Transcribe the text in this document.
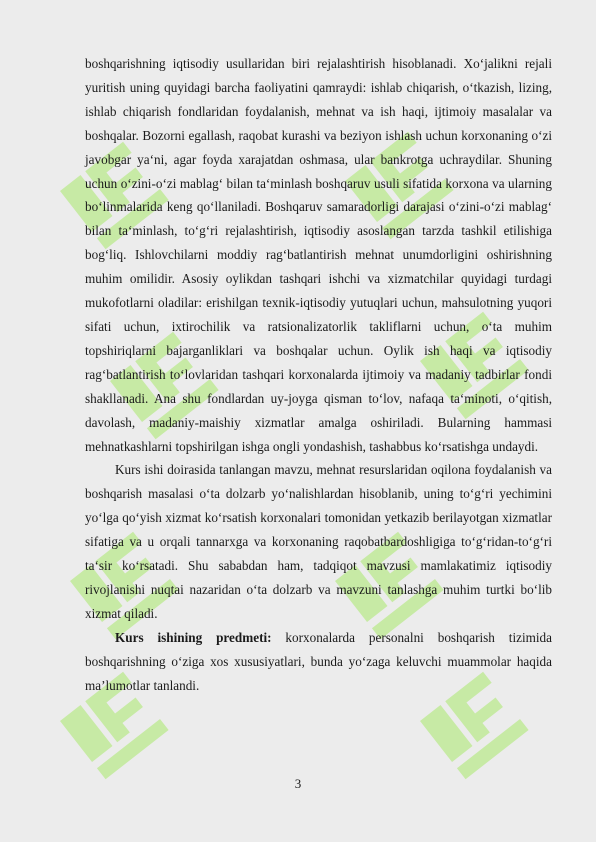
boshqarishning iqtisodiy usullaridan biri rejalashtirish hisoblanadi. Xo‘jalikni rejali yuritish uning quyidagi barcha faoliyatini qamraydi: ishlab chiqarish, o‘tkazish, lizing, ishlab chiqarish fondlaridan foydalanish, mehnat va ish haqi, ijtimoiy masalalar va boshqalar. Bozorni egallash, raqobat kurashi va beziyon ishlash uchun korxonaning o‘zi javobgar ya‘ni, agar foyda xarajatdan oshmasa, ular bankrotga uchraydilar. Shuning uchun o‘zini-o‘zi mablag‘ bilan ta‘minlash boshqaruv usuli sifatida korxona va ularning bo‘linmalarida keng qo‘llaniladi. Boshqaruv samaradorligi darajasi o‘zini-o‘zi mablag‘ bilan ta‘minlash, to‘g‘ri rejalashtirish, iqtisodiy asoslangan tarzda tashkil etilishiga bog‘liq. Ishlovchilarni moddiy rag‘batlantirish mehnat unumdorligini oshirishning muhim omilidir. Asosiy oylikdan tashqari ishchi va xizmatchilar quyidagi turdagi mukofotlarni oladilar: erishilgan texnik-iqtisodiy yutuqlari uchun, mahsulotning yuqori sifati uchun, ixtirochilik va ratsionalizatorlik takliflarni uchun, o‘ta muhim topshiriqlarni bajarganliklari va boshqalar uchun. Oylik ish haqi va iqtisodiy rag‘batlantirish to‘lovlaridan tashqari korxonalarda ijtimoiy va madaniy tadbirlar fondi shakllanadi. Ana shu fondlardan uy-joyga qisman to‘lov, nafaqa ta‘minoti, o‘qitish, davolash, madaniy-maishiy xizmatlar amalga oshiriladi. Bularning hammasi mehnatkashlarni topshirilgan ishga ongli yondashish, tashabbus ko‘rsatishga undaydi.

Kurs ishi doirasida tanlangan mavzu, mehnat resurslaridan oqilona foydalanish va boshqarish masalasi o‘ta dolzarb yo‘nalishlardan hisoblanib, uning to‘g‘ri yechimini yo‘lga qo‘yish xizmat ko‘rsatish korxonalari tomonidan yetkazib berilayotgan xizmatlar sifatiga va u orqali tannarxga va korxonaning raqobatbardoshligiga to‘g‘ridan-to‘g‘ri ta‘sir ko‘rsatadi. Shu sababdan ham, tadqiqot mavzusi mamlakatimiz iqtisodiy rivojlanishi nuqtai nazaridan o‘ta dolzarb va mavzuni tanlashga muhim turtki bo‘lib xizmat qiladi.

Kurs ishining predmeti: korxonalarda personalni boshqarish tizimida boshqarishning o‘ziga xos xususiyatlari, bunda yo‘zaga keluvchi muammolar haqida ma’lumotlar tanlandi.

3
